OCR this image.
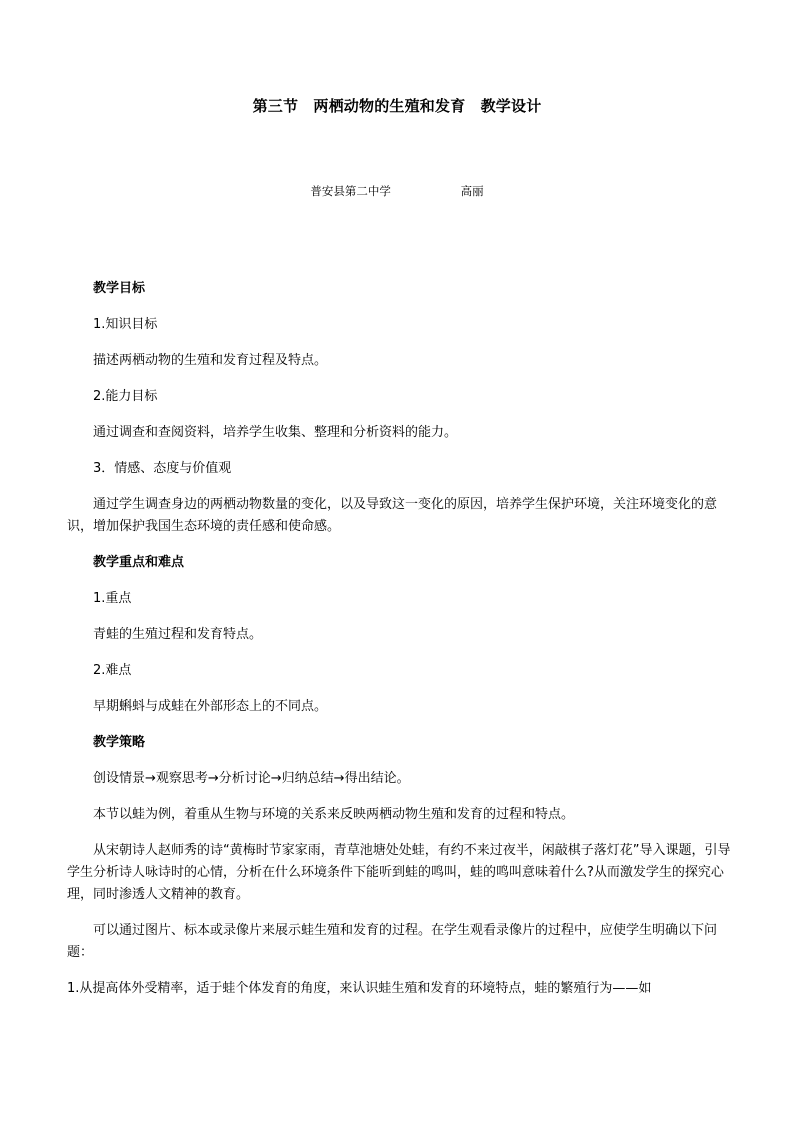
第三节　两栖动物的生殖和发育　教学设计
普安县第二中学	高丽

教学目标

1.知识目标

描述两栖动物的生殖和发育过程及特点。

2.能力目标

通过调查和查阅资料，培养学生收集、整理和分析资料的能力。

3．情感、态度与价值观

通过学生调查身边的两栖动物数量的变化，以及导致这一变化的原因，培养学生保护环境，关注环境变化的意识，增加保护我国生态环境的责任感和使命感。

教学重点和难点

1.重点

青蛙的生殖过程和发育特点。

2.难点

早期蝌蚪与成蛙在外部形态上的不同点。

教学策略

创设情景→观察思考→分析讨论→归纳总结→得出结论。

本节以蛙为例，着重从生物与环境的关系来反映两栖动物生殖和发育的过程和特点。

从宋朝诗人赵师秀的诗“黄梅时节家家雨，青草池塘处处蛙，有约不来过夜半，闲敲棋子落灯花”导入课题，引导学生分析诗人咏诗时的心情，分析在什么环境条件下能听到蛙的鸣叫，蛙的鸣叫意味着什么?从而激发学生的探究心理，同时渗透人文精神的教育。

可以通过图片、标本或录像片来展示蛙生殖和发育的过程。在学生观看录像片的过程中，应使学生明确以下问题：

1.从提高体外受精率，适于蛙个体发育的角度，来认识蛙生殖和发育的环境特点，蛙的繁殖行为——如
